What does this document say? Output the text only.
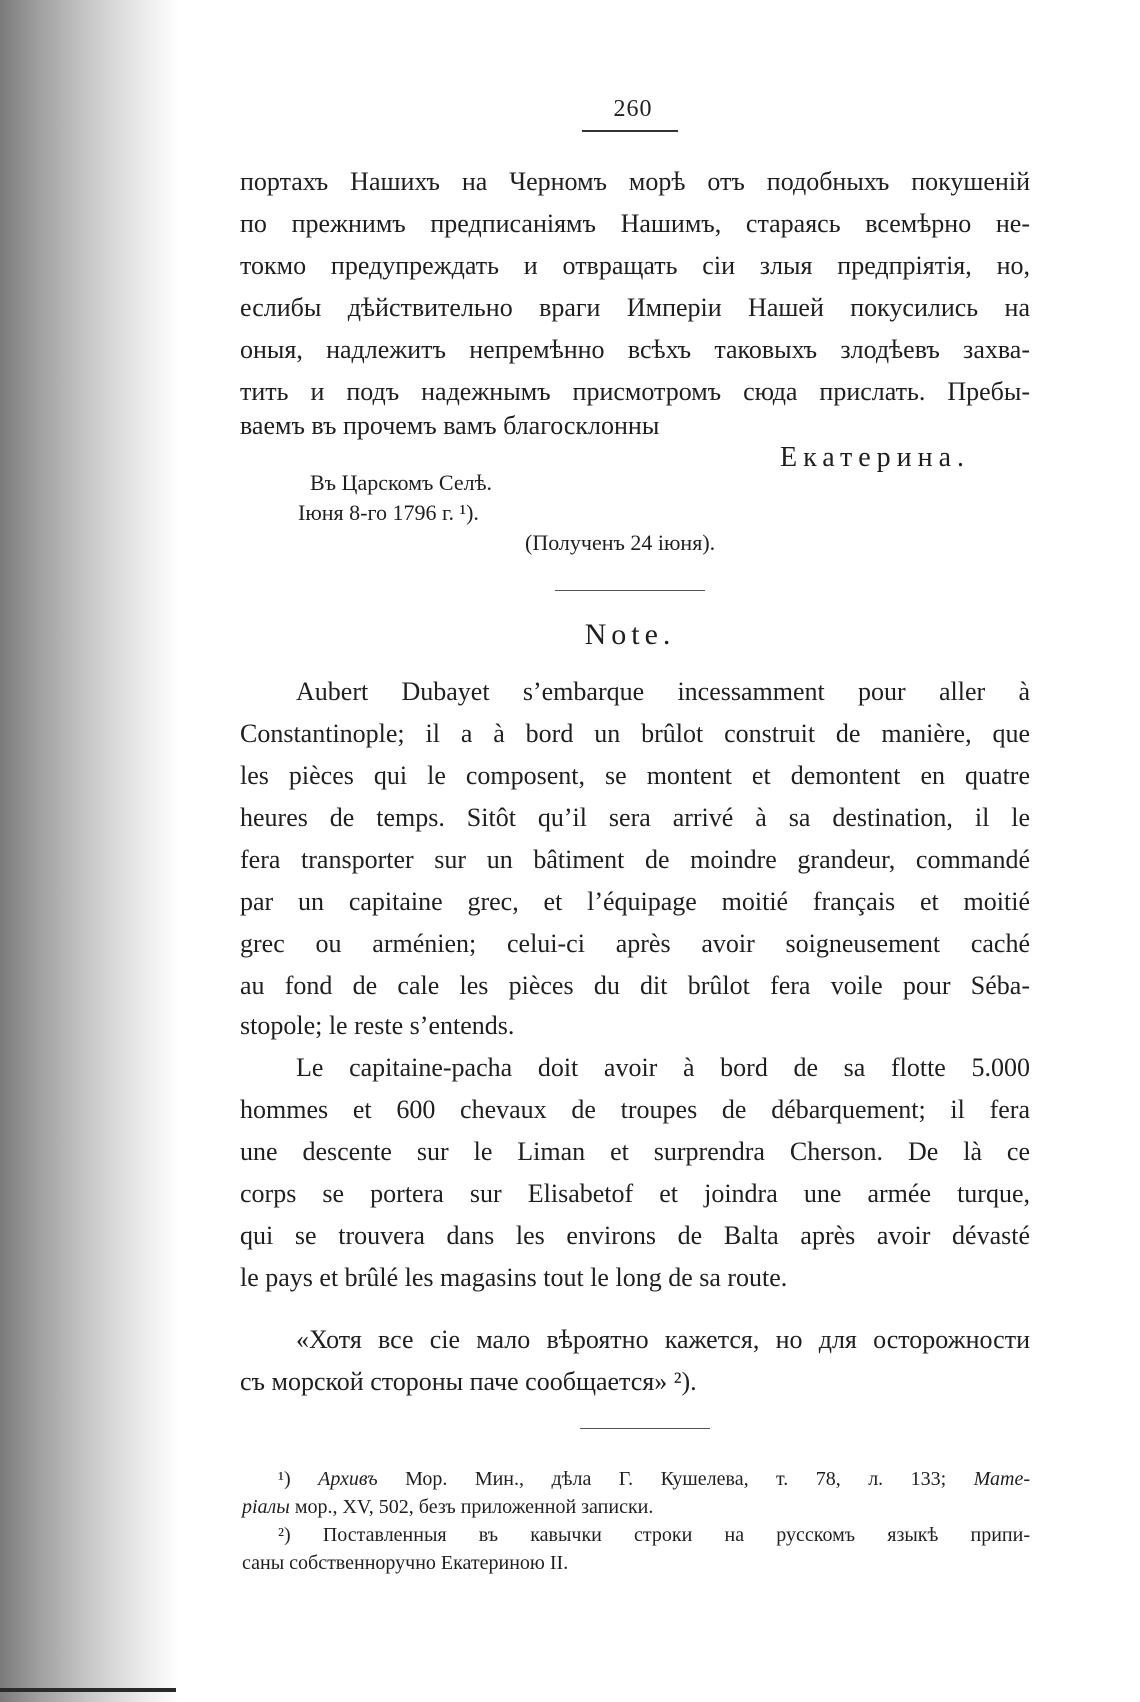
260
портахъ Нашихъ на Черномъ морѣ отъ подобныхъ покушеній
по прежнимъ предписаніямъ Нашимъ, стараясь всемѣрно не-
токмо предупреждать и отвращать сіи злыя предпріятія, но,
еслибы дѣйствительно враги Имперіи Нашей покусились на
оныя, надлежитъ непремѣнно всѣхъ таковыхъ злодѣевъ захва-
тить и подъ надежнымъ присмотромъ сюда прислать. Пребы-
ваемъ въ прочемъ вамъ благосклонны
Екатерина.
Въ Царскомъ Селѣ.
Іюня 8-го 1796 г. ¹).
(Полученъ 24 іюня).
Note.
Aubert Dubayet s’embarque incessamment pour aller à
Constantinople; il a à bord un brûlot construit de manière, que
les pièces qui le composent, se montent et demontent en quatre
heures de temps. Sitôt qu’il sera arrivé à sa destination, il le
fera transporter sur un bâtiment de moindre grandeur, commandé
par un capitaine grec, et l’équipage moitié français et moitié
grec ou arménien; celui-ci après avoir soigneusement caché
au fond de cale les pièces du dit brûlot fera voile pour Séba-
stopole; le reste s’entends.
Le capitaine-pacha doit avoir à bord de sa flotte 5.000
hommes et 600 chevaux de troupes de débarquement; il fera
une descente sur le Liman et surprendra Cherson. De là ce
corps se portera sur Elisabetof et joindra une armée turque,
qui se trouvera dans les environs de Balta après avoir dévasté
le pays et brûlé les magasins tout le long de sa route.
«Хотя все сіе мало вѣроятно кажется, но для осторожности
съ морской стороны паче сообщается» ²).
¹) Архивъ Мор. Мин., дѣла Г. Кушелева, т. 78, л. 133; Мате-
ріалы мор., XV, 502, безъ приложенной записки.
²) Поставленныя въ кавычки строки на русскомъ языкѣ припи-
саны собственноручно Екатериною II.
